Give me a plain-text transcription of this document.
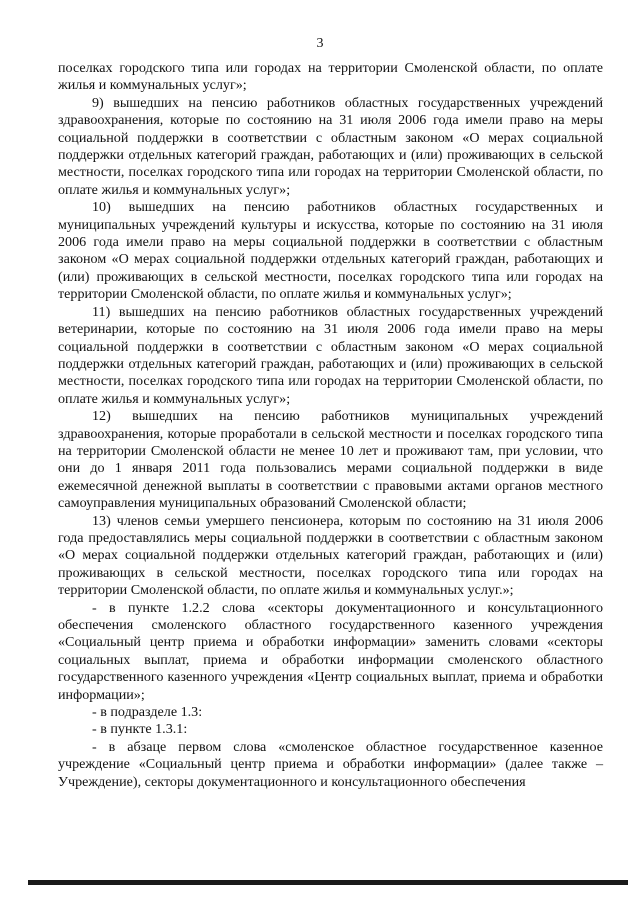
3

поселках городского типа или городах на территории Смоленской области, по оплате жилья и коммунальных услуг»;

9) вышедших на пенсию работников областных государственных учреждений здравоохранения, которые по состоянию на 31 июля 2006 года имели право на меры социальной поддержки в соответствии с областным законом «О мерах социальной поддержки отдельных категорий граждан, работающих и (или) проживающих в сельской местности, поселках городского типа или городах на территории Смоленской области, по оплате жилья и коммунальных услуг»;

10) вышедших на пенсию работников областных государственных и муниципальных учреждений культуры и искусства, которые по состоянию на 31 июля 2006 года имели право на меры социальной поддержки в соответствии с областным законом «О мерах социальной поддержки отдельных категорий граждан, работающих и (или) проживающих в сельской местности, поселках городского типа или городах на территории Смоленской области, по оплате жилья и коммунальных услуг»;

11) вышедших на пенсию работников областных государственных учреждений ветеринарии, которые по состоянию на 31 июля 2006 года имели право на меры социальной поддержки в соответствии с областным законом «О мерах социальной поддержки отдельных категорий граждан, работающих и (или) проживающих в сельской местности, поселках городского типа или городах на территории Смоленской области, по оплате жилья и коммунальных услуг»;

12) вышедших на пенсию работников муниципальных учреждений здравоохранения, которые проработали в сельской местности и поселках городского типа на территории Смоленской области не менее 10 лет и проживают там, при условии, что они до 1 января 2011 года пользовались мерами социальной поддержки в виде ежемесячной денежной выплаты в соответствии с правовыми актами органов местного самоуправления муниципальных образований Смоленской области;

13) членов семьи умершего пенсионера, которым по состоянию на 31 июля 2006 года предоставлялись меры социальной поддержки в соответствии с областным законом «О мерах социальной поддержки отдельных категорий граждан, работающих и (или) проживающих в сельской местности, поселках городского типа или городах на территории Смоленской области, по оплате жилья и коммунальных услуг.»;

- в пункте 1.2.2 слова «секторы документационного и консультационного обеспечения смоленского областного государственного казенного учреждения «Социальный центр приема и обработки информации» заменить словами «секторы социальных выплат, приема и обработки информации смоленского областного государственного казенного учреждения «Центр социальных выплат, приема и обработки информации»;

- в подразделе 1.3:

- в пункте 1.3.1:

- в абзаце первом слова «смоленское областное государственное казенное учреждение «Социальный центр приема и обработки информации» (далее также – Учреждение), секторы документационного и консультационного обеспечения
